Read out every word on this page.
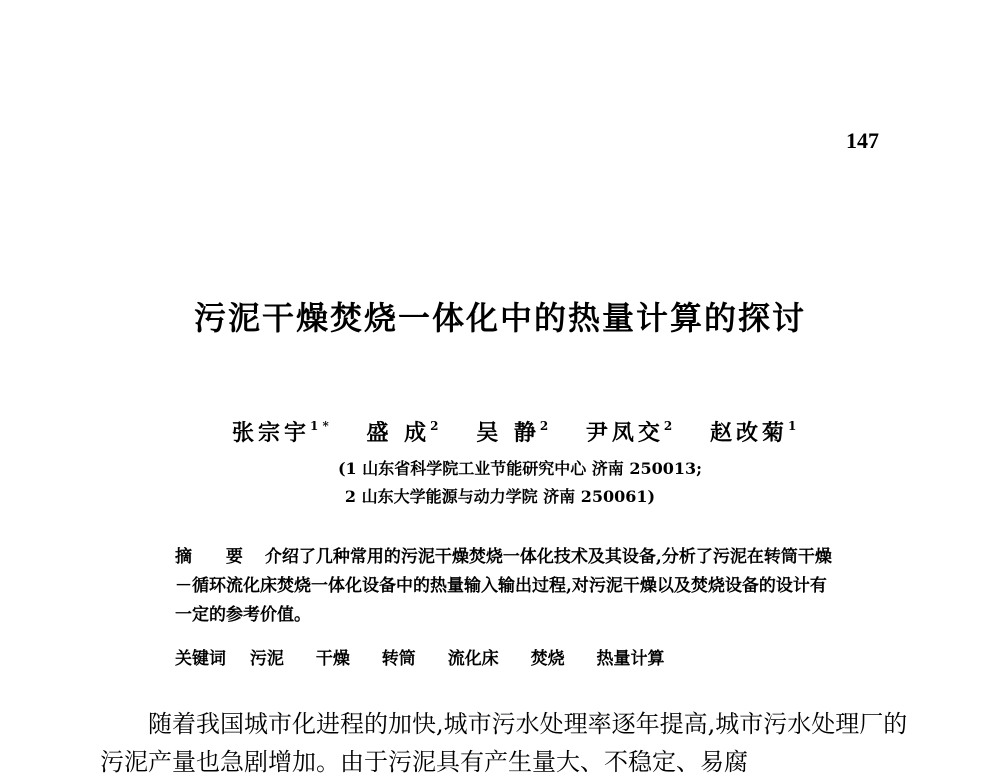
147
污泥干燥焚烧一体化中的热量计算的探讨
张宗宇$^{1 *}$ 盛 成$^2$ 吴 静$^2$ 尹凤交$^2$ 赵改菊$^1$
(1 山东省科学院工业节能研究中心 济南 250013;
2 山东大学能源与动力学院 济南 250061)
摘 要 介绍了几种常用的污泥干燥焚烧一体化技术及其设备,分析了污泥在转筒干燥－循环流化床焚烧一体化设备中的热量输入输出过程,对污泥干燥以及焚烧设备的设计有一定的参考价值。
关键词 污泥 干燥 转筒 流化床 焚烧 热量计算
随着我国城市化进程的加快,城市污水处理率逐年提高,城市污水处理厂的污泥产量也急剧增加。由于污泥具有产生量大、不稳定、易腐
